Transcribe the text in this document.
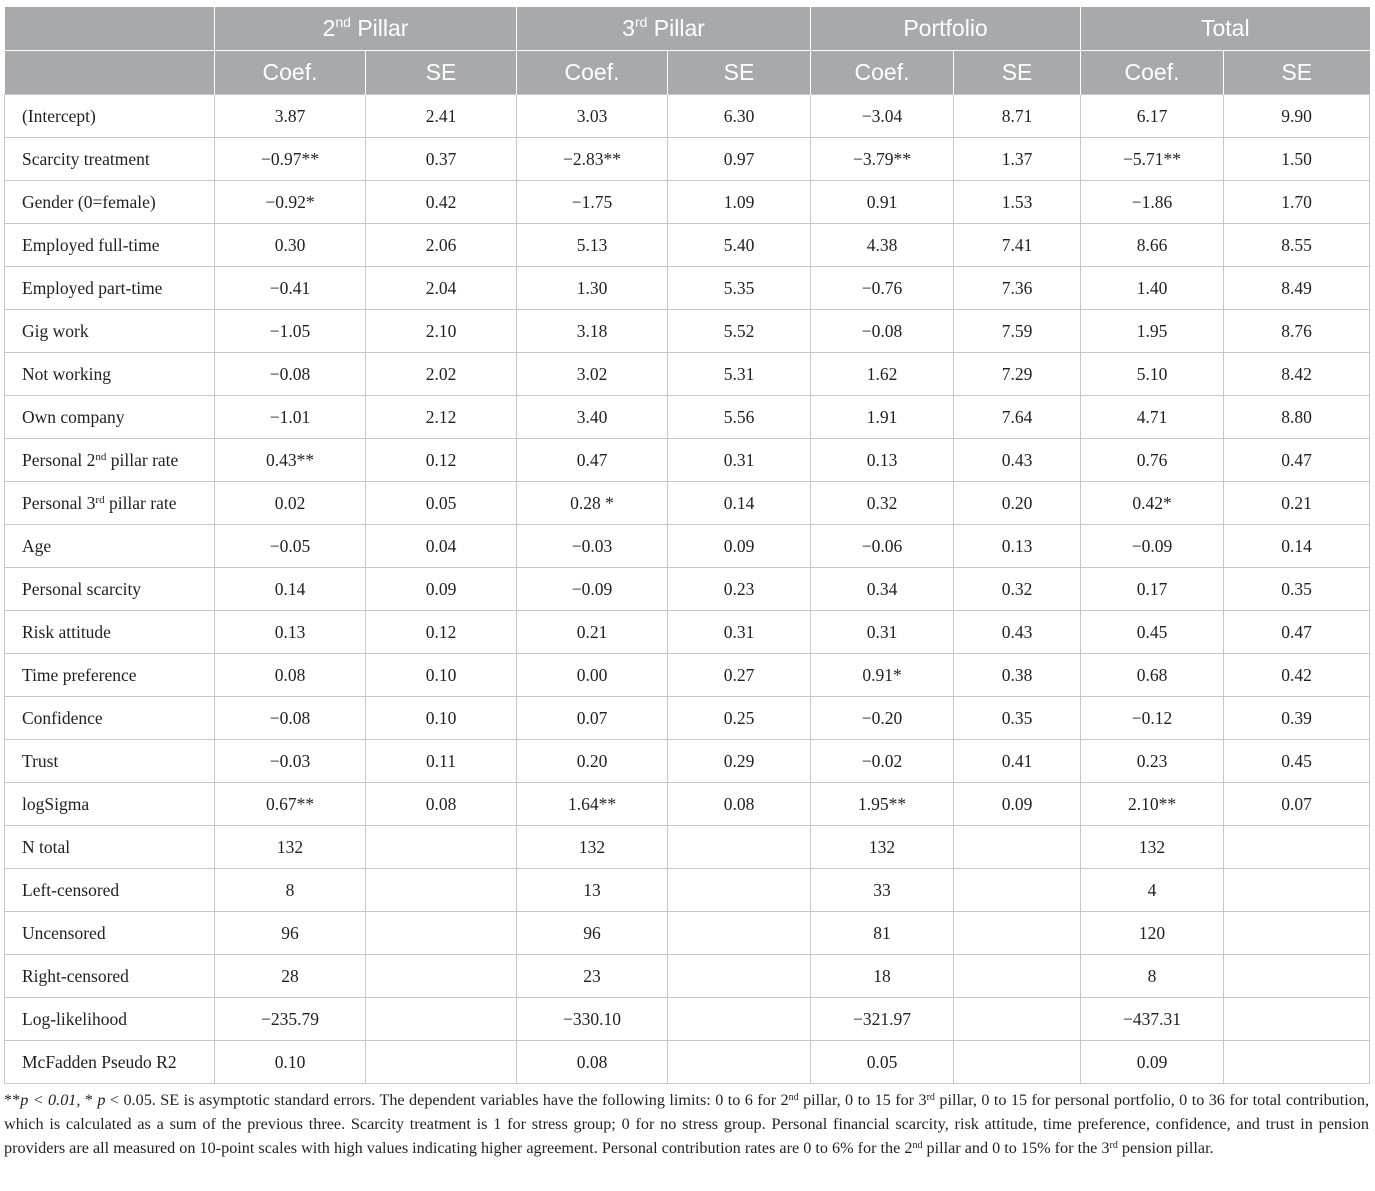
	2nd Pillar		3rd Pillar		Portfolio		Total	
	Coef.	SE	Coef.	SE	Coef.	SE	Coef.	SE
(Intercept)	3.87	2.41	3.03	6.30	−3.04	8.71	6.17	9.90
Scarcity treatment	−0.97**	0.37	−2.83**	0.97	−3.79**	1.37	−5.71**	1.50
Gender (0=female)	−0.92*	0.42	−1.75	1.09	0.91	1.53	−1.86	1.70
Employed full-time	0.30	2.06	5.13	5.40	4.38	7.41	8.66	8.55
Employed part-time	−0.41	2.04	1.30	5.35	−0.76	7.36	1.40	8.49
Gig work	−1.05	2.10	3.18	5.52	−0.08	7.59	1.95	8.76
Not working	−0.08	2.02	3.02	5.31	1.62	7.29	5.10	8.42
Own company	−1.01	2.12	3.40	5.56	1.91	7.64	4.71	8.80
Personal 2nd pillar rate	0.43**	0.12	0.47	0.31	0.13	0.43	0.76	0.47
Personal 3rd pillar rate	0.02	0.05	0.28 *	0.14	0.32	0.20	0.42*	0.21
Age	−0.05	0.04	−0.03	0.09	−0.06	0.13	−0.09	0.14
Personal scarcity	0.14	0.09	−0.09	0.23	0.34	0.32	0.17	0.35
Risk attitude	0.13	0.12	0.21	0.31	0.31	0.43	0.45	0.47
Time preference	0.08	0.10	0.00	0.27	0.91*	0.38	0.68	0.42
Confidence	−0.08	0.10	0.07	0.25	−0.20	0.35	−0.12	0.39
Trust	−0.03	0.11	0.20	0.29	−0.02	0.41	0.23	0.45
logSigma	0.67**	0.08	1.64**	0.08	1.95**	0.09	2.10**	0.07
N total	132		132		132		132	
Left-censored	8		13		33		4	
Uncensored	96		96		81		120	
Right-censored	28		23		18		8	
Log-likelihood	−235.79		−330.10		−321.97		−437.31	
McFadden Pseudo R2	0.10		0.08		0.05		0.09	
**p < 0.01, * p < 0.05. SE is asymptotic standard errors. The dependent variables have the following limits: 0 to 6 for 2nd pillar, 0 to 15 for 3rd pillar, 0 to 15 for personal portfolio, 0 to 36 for total contribution, which is calculated as a sum of the previous three. Scarcity treatment is 1 for stress group; 0 for no stress group. Personal financial scarcity, risk attitude, time preference, confidence, and trust in pension providers are all measured on 10-point scales with high values indicating higher agreement. Personal contribution rates are 0 to 6% for the 2nd pillar and 0 to 15% for the 3rd pension pillar.
